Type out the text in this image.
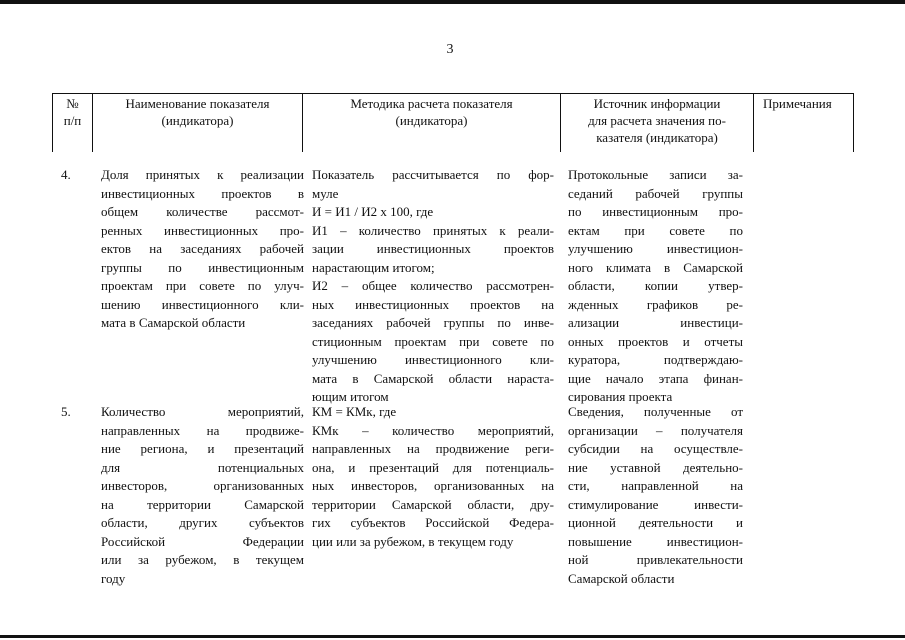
3
№
п/п
Наименование показателя
(индикатора)
Методика расчета показателя
(индикатора)
Источник информации
для расчета значения по-
казателя (индикатора)
Примечания
4.	Доля принятых к реализации
инвестиционных проектов в
общем количестве рассмот-
ренных инвестиционных про-
ектов на заседаниях рабочей
группы по инвестиционным
проектам при совете по улуч-
шению инвестиционного кли-
мата в Самарской области
Показатель рассчитывается по фор-
муле
И = И1 / И2 x 100, где
И1 – количество принятых к реали-
зации инвестиционных проектов
нарастающим итогом;
И2 – общее количество рассмотрен-
ных инвестиционных проектов на
заседаниях рабочей группы по инве-
стиционным проектам при совете по
улучшению инвестиционного кли-
мата в Самарской области нараста-
ющим итогом
Протокольные записи за-
седаний рабочей группы
по инвестиционным про-
ектам при совете по
улучшению инвестицион-
ного климата в Самарской
области, копии утвер-
жденных графиков ре-
ализации инвестици-
онных проектов и отчеты
куратора, подтверждаю-
щие начало этапа финан-
сирования проекта
5.	Количество мероприятий,
направленных на продвиже-
ние региона, и презентаций
для потенциальных
инвесторов, организованных
на территории Самарской
области, других субъектов
Российской Федерации
или за рубежом, в текущем
году
КМ = КМк, где
КМк – количество мероприятий,
направленных на продвижение реги-
она, и презентаций для потенциаль-
ных инвесторов, организованных на
территории Самарской области, дру-
гих субъектов Российской Федера-
ции или за рубежом, в текущем году
Сведения, полученные от
организации – получателя
субсидии на осуществле-
ние уставной деятельно-
сти, направленной на
стимулирование инвести-
ционной деятельности и
повышение инвестицион-
ной привлекательности
Самарской области
